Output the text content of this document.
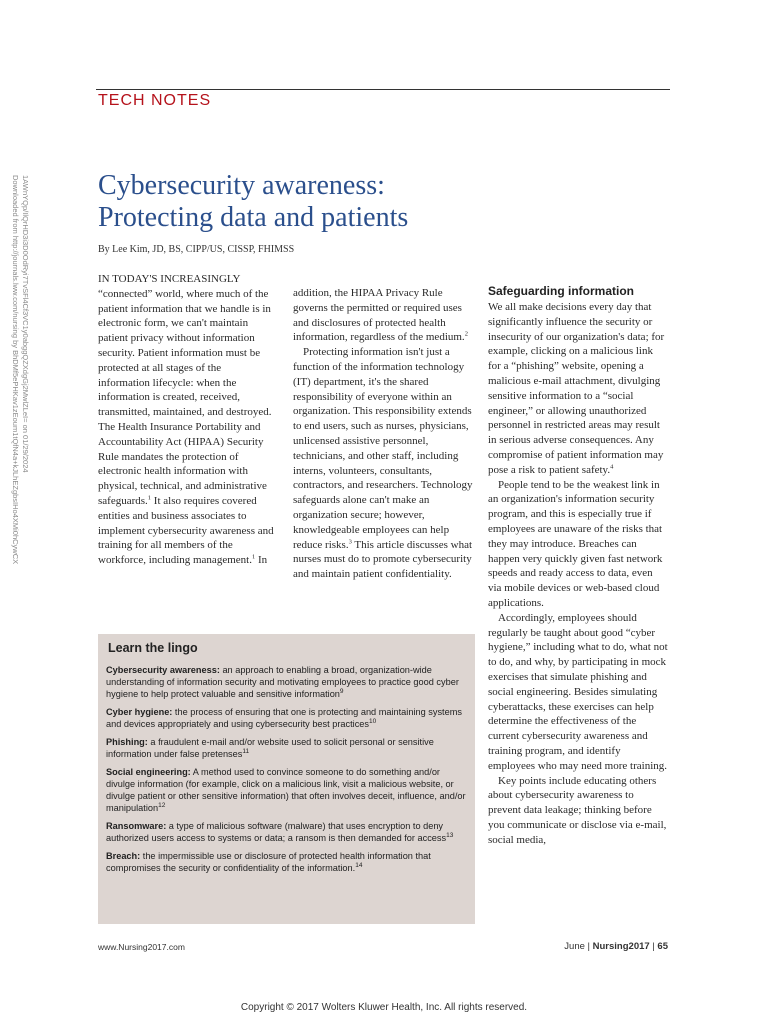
TECH NOTES
Cybersecurity awareness:
Protecting data and patients
By Lee Kim, JD, BS, CIPP/US, CISSP, FHIMSS
Downloaded from http://journals.lww.com/nursing by BhDMf5ePHKav1zEoum1tQfN4a+kJLhEZgbsIHo4XMi0hCywCX 1AWnYQp/IlQrHD3i3D0OdRyi7TvSFl4Cf3VC1y0abggQZXdgGj2MwlZLeI= on 01/29/2024	IN TODAY'S INCREASINGLY “connected” world, where much of the patient information that we handle is in electronic form, we can't maintain patient privacy without information security. Patient information must be protected at all stages of the information lifecycle: when the information is created, received, transmitted, maintained, and destroyed. The Health Insurance Portability and Accountability Act (HIPAA) Security Rule mandates the protection of electronic health information with physical, technical, and administrative safeguards.$^1$ It also requires covered entities and business associates to implement cybersecurity awareness and training for all members of the workforce, including management.$^1$ In

addition, the HIPAA Privacy Rule governs the permitted or required uses and disclosures of protected health information, regardless of the medium.$^2$

Protecting information isn't just a function of the information technology (IT) department, it's the shared responsibility of everyone within an organization. This responsibility extends to end users, such as nurses, physicians, unlicensed assistive personnel, technicians, and other staff, including interns, volunteers, consultants, contractors, and researchers. Technology safeguards alone can't make an organization secure; however, knowledgeable employees can help reduce risks.$^3$ This article discusses what nurses must do to promote cybersecurity and maintain patient confidentiality.

Safeguarding information

We all make decisions every day that significantly influence the security or insecurity of our organization's data; for example, clicking on a malicious link for a “phishing” website, opening a malicious e-mail attachment, divulging sensitive information to a “social engineer,” or allowing unauthorized personnel in restricted areas may result in serious adverse consequences. Any compromise of patient information may pose a risk to patient safety.$^4$

People tend to be the weakest link in an organization's information security program, and this is especially true if employees are unaware of the risks that they may introduce. Breaches can happen very quickly given fast network speeds and ready access to data, even via mobile devices or web-based cloud applications.

Accordingly, employees should regularly be taught about good “cyber hygiene,” including what to do, what not to do, and why, by participating in mock exercises that simulate phishing and social engineering. Besides simulating cyberattacks, these exercises can help determine the effectiveness of the current cybersecurity awareness and training program, and identify employees who may need more training.

Key points include educating others about cybersecurity awareness to prevent data leakage; thinking before you communicate or disclose via e-mail, social media,

Learn the lingo
Cybersecurity awareness: an approach to enabling a broad, organization-wide understanding of information security and motivating employees to practice good cyber hygiene to help protect valuable and sensitive information$^9$
Cyber hygiene: the process of ensuring that one is protecting and maintaining systems and devices appropriately and using cybersecurity best practices$^{10}$
Phishing: a fraudulent e-mail and/or website used to solicit personal or sensitive information under false pretenses$^{11}$
Social engineering: A method used to convince someone to do something and/or divulge information (for example, click on a malicious link, visit a malicious website, or divulge patient or other sensitive information) that often involves deceit, influence, and/or manipulation$^{12}$
Ransomware: a type of malicious software (malware) that uses encryption to deny authorized users access to systems or data; a ransom is then demanded for access$^{13}$
Breach: the impermissible use or disclosure of protected health information that compromises the security or confidentiality of the information.$^{14}$
www.Nursing2017.com	June | Nursing2017 | 65
Copyright © 2017 Wolters Kluwer Health, Inc. All rights reserved.
